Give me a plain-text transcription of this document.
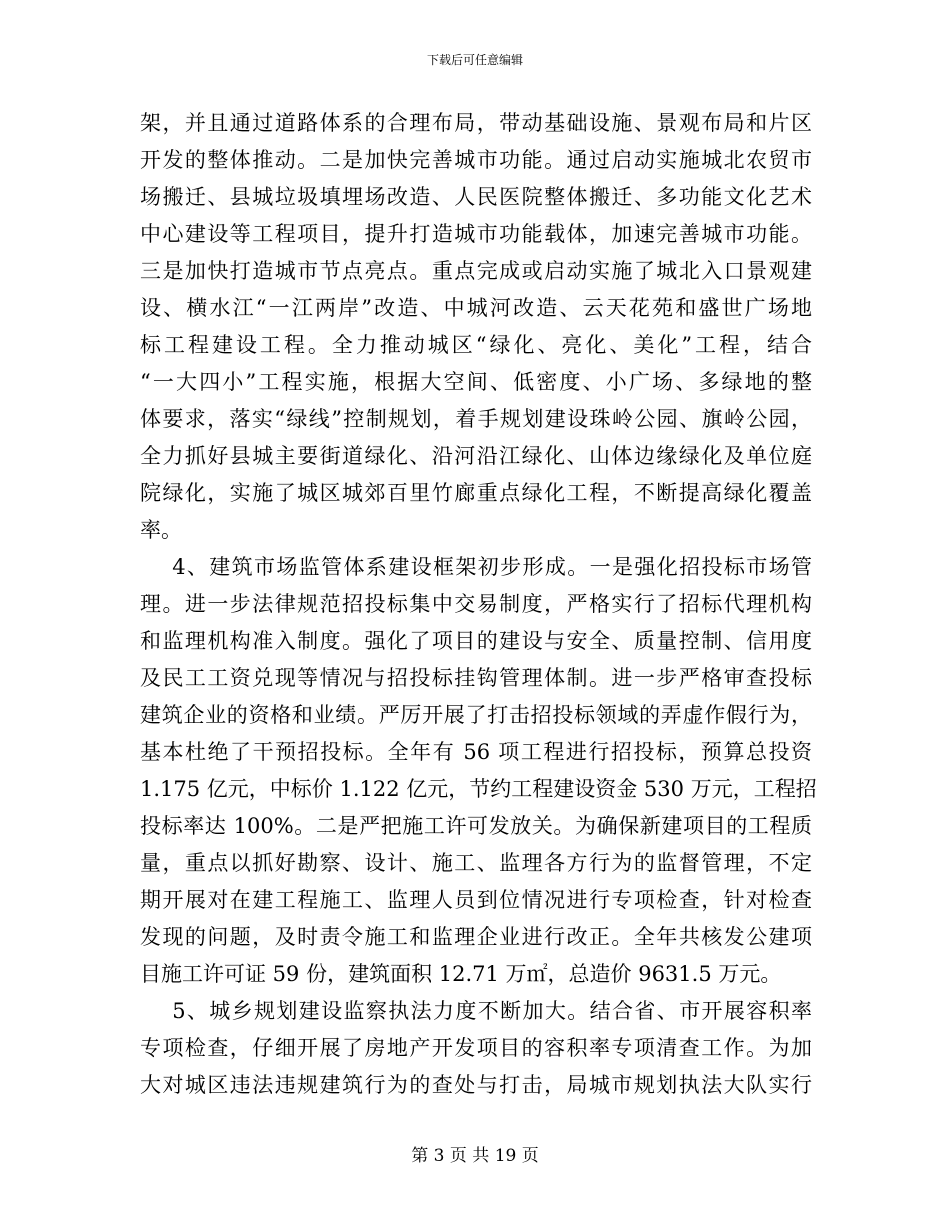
下载后可任意编辑
架，并且通过道路体系的合理布局，带动基础设施、景观布局和片区
开发的整体推动。二是加快完善城市功能。通过启动实施城北农贸市
场搬迁、县城垃圾填埋场改造、人民医院整体搬迁、多功能文化艺术
中心建设等工程项目，提升打造城市功能载体，加速完善城市功能。
三是加快打造城市节点亮点。重点完成或启动实施了城北入口景观建
设、横水江“一江两岸”改造、中城河改造、云天花苑和盛世广场地
标工程建设工程。全力推动城区“绿化、亮化、美化”工程，结合
“一大四小”工程实施，根据大空间、低密度、小广场、多绿地的整
体要求，落实“绿线”控制规划，着手规划建设珠岭公园、旗岭公园，
全力抓好县城主要街道绿化、沿河沿江绿化、山体边缘绿化及单位庭
院绿化，实施了城区城郊百里竹廊重点绿化工程，不断提高绿化覆盖
率。
4、建筑市场监管体系建设框架初步形成。一是强化招投标市场管
理。进一步法律规范招投标集中交易制度，严格实行了招标代理机构
和监理机构准入制度。强化了项目的建设与安全、质量控制、信用度
及民工工资兑现等情况与招投标挂钩管理体制。进一步严格审查投标
建筑企业的资格和业绩。严厉开展了打击招投标领域的弄虚作假行为，
基本杜绝了干预招投标。全年有 56 项工程进行招投标，预算总投资
1.175 亿元，中标价 1.122 亿元，节约工程建设资金 530 万元，工程招
投标率达 100%。二是严把施工许可发放关。为确保新建项目的工程质
量，重点以抓好勘察、设计、施工、监理各方行为的监督管理，不定
期开展对在建工程施工、监理人员到位情况进行专项检查，针对检查
发现的问题，及时责令施工和监理企业进行改正。全年共核发公建项
目施工许可证 59 份，建筑面积 12.71 万㎡，总造价 9631.5 万元。
5、城乡规划建设监察执法力度不断加大。结合省、市开展容积率
专项检查，仔细开展了房地产开发项目的容积率专项清查工作。为加
大对城区违法违规建筑行为的查处与打击，局城市规划执法大队实行
第 3 页 共 19 页
